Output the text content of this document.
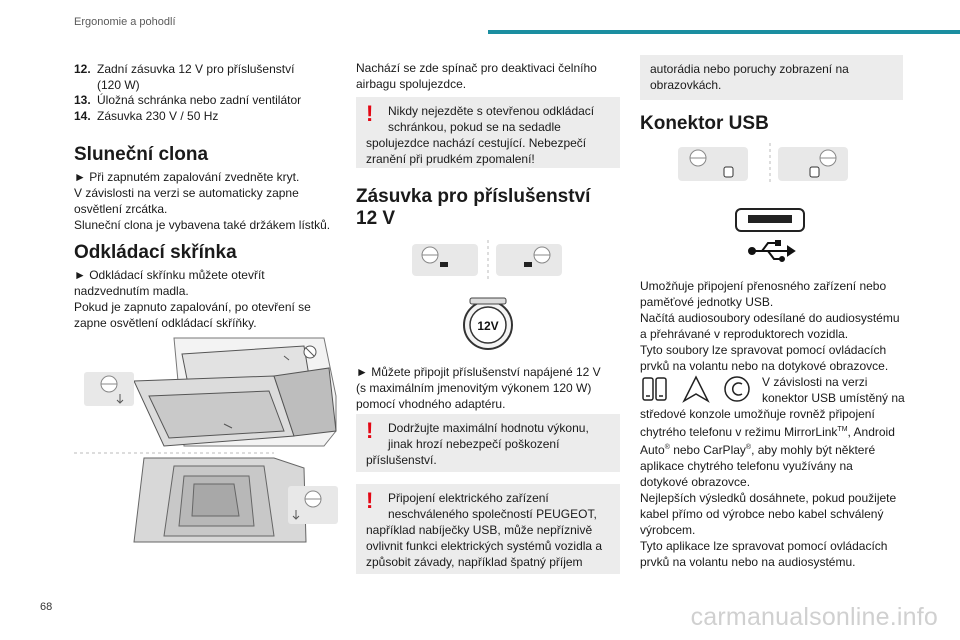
Ergonomie a pohodlí
12. Zadní zásuvka 12 V pro příslušenství
(120 W)
13. Úložná schránka nebo zadní ventilátor
14. Zásuvka 230 V / 50 Hz
Sluneční clona
► Při zapnutém zapalování zvedněte kryt.
V závislosti na verzi se automaticky zapne
osvětlení zrcátka.
Sluneční clona je vybavena také držákem lístků.
Odkládací skřínka
► Odkládací skřínku můžete otevřít
nadzvednutím madla.
Pokud je zapnuto zapalování, po otevření se
zapne osvětlení odkládací skříňky.
Nachází se zde spínač pro deaktivaci čelního
airbagu spolujezdce.
!	Nikdy nejezděte s otevřenou odkládací
schránkou, pokud se na sedadle
spolujezdce nachází cestující. Nebezpečí
zranění při prudkém zpomalení!
Zásuvka pro příslušenství
12 V
12V
► Můžete připojit příslušenství napájené 12 V
(s maximálním jmenovitým výkonem 120 W)
pomocí vhodného adaptéru.
!	Dodržujte maximální hodnotu výkonu,
jinak hrozí nebezpečí poškození
příslušenství.
!	Připojení elektrického zařízení
neschváleného společností PEUGEOT,
například nabíječky USB, může nepříznivě
ovlivnit funkci elektrických systémů vozidla a
způsobit závady, například špatný příjem
autorádia nebo poruchy zobrazení na
obrazovkách.
Konektor USB
Umožňuje připojení přenosného zařízení nebo
paměťové jednotky USB.
Načítá audiosoubory odesílané do audiosystému
a přehrávané v reproduktorech vozidla.
Tyto soubory lze spravovat pomocí ovládacích
prvků na volantu nebo na dotykové obrazovce.
V závislosti na verzi
konektor USB umístěný na
středové konzole umožňuje rovněž připojení
chytrého telefonu v režimu MirrorLink™, Android
Auto® nebo CarPlay®, aby mohly být některé
aplikace chytrého telefonu využívány na
dotykové obrazovce.
Nejlepších výsledků dosáhnete, pokud použijete
kabel přímo od výrobce nebo kabel schválený
výrobcem.
Tyto aplikace lze spravovat pomocí ovládacích
prvků na volantu nebo na audiosystému.
68	carmanualsonline.info
